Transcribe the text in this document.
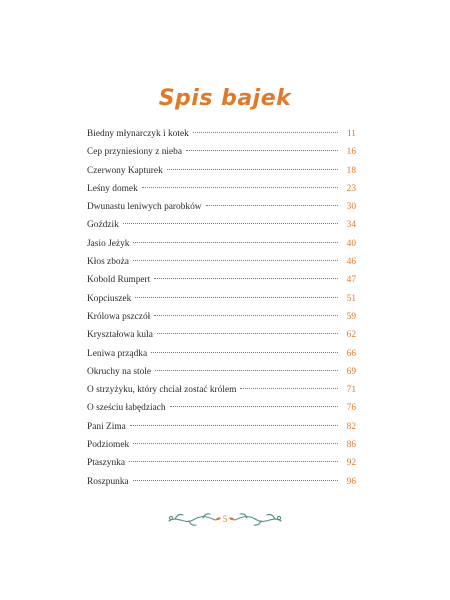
Spis bajek
Biedny młynarczyk i kotek	11
Cep przyniesiony z nieba	16
Czerwony Kapturek	18
Leśny domek	23
Dwunastu leniwych parobków	30
Goździk	34
Jasio Jeżyk	40
Kłos zboża	46
Kobold Rumpert	47
Kopciuszek	51
Królowa pszczół	59
Kryształowa kula	62
Leniwa prządka	66
Okruchy na stole	69
O strzyżyku, który chciał zostać królem	71
O sześciu łabędziach	76
Pani Zima	82
Podziomek	86
Ptaszynka	92
Roszpunka	96
5
